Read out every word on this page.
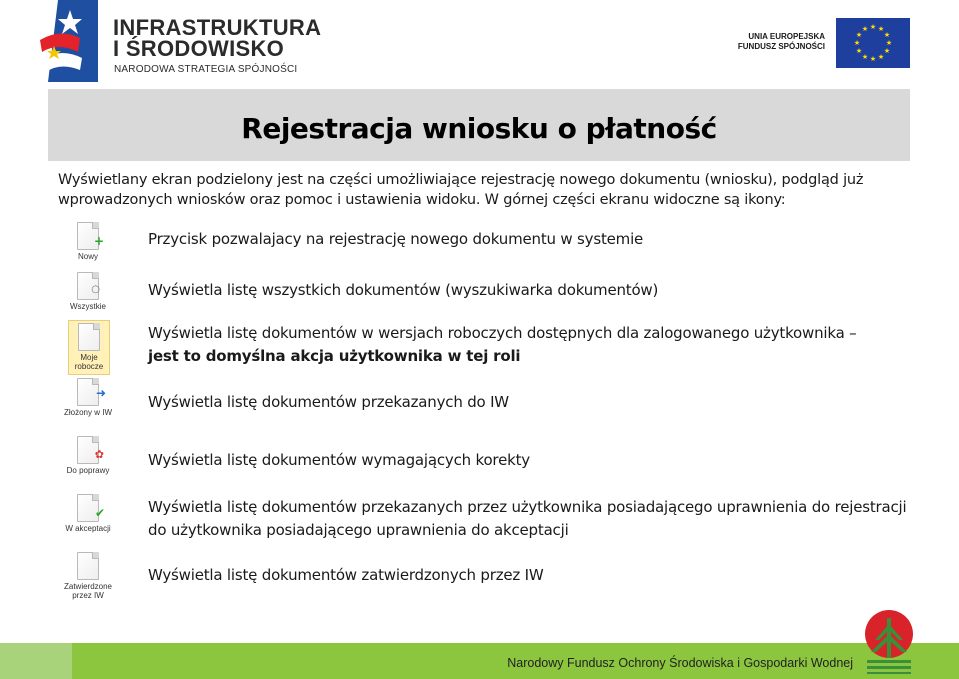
INFRASTRUKTURA
I ŚRODOWISKO
NARODOWA STRATEGIA SPÓJNOŚCI
UNIA EUROPEJSKA
FUNDUSZ SPÓJNOŚCI
★ ★
★
★
★
★
★
★
★
★
★
★
Rejestracja wniosku o płatność
Wyświetlany ekran podzielony jest na części umożliwiające rejestrację nowego dokumentu (wniosku), podgląd już wprowadzonych wniosków oraz pomoc i ustawienia widoku. W górnej części ekranu widoczne są ikony:
+
Nowy
Przycisk pozwalajacy na rejestrację nowego dokumentu w systemie
○
Wszystkie
Wyświetla listę wszystkich dokumentów (wyszukiwarka dokumentów)
Moje robocze
Wyświetla listę dokumentów w wersjach roboczych dostępnych dla zalogowanego użytkownika –
jest to domyślna akcja użytkownika w tej roli
➜
Złożony w IW
Wyświetla listę dokumentów przekazanych do IW
✿
Do poprawy
Wyświetla listę dokumentów wymagających korekty
✔
W akceptacji
Wyświetla listę dokumentów przekazanych przez użytkownika posiadającego uprawnienia do rejestracji do użytkownika posiadającego uprawnienia do akceptacji
Zatwierdzone przez IW
Wyświetla listę dokumentów zatwierdzonych przez IW
Narodowy Fundusz Ochrony Środowiska i Gospodarki Wodnej
